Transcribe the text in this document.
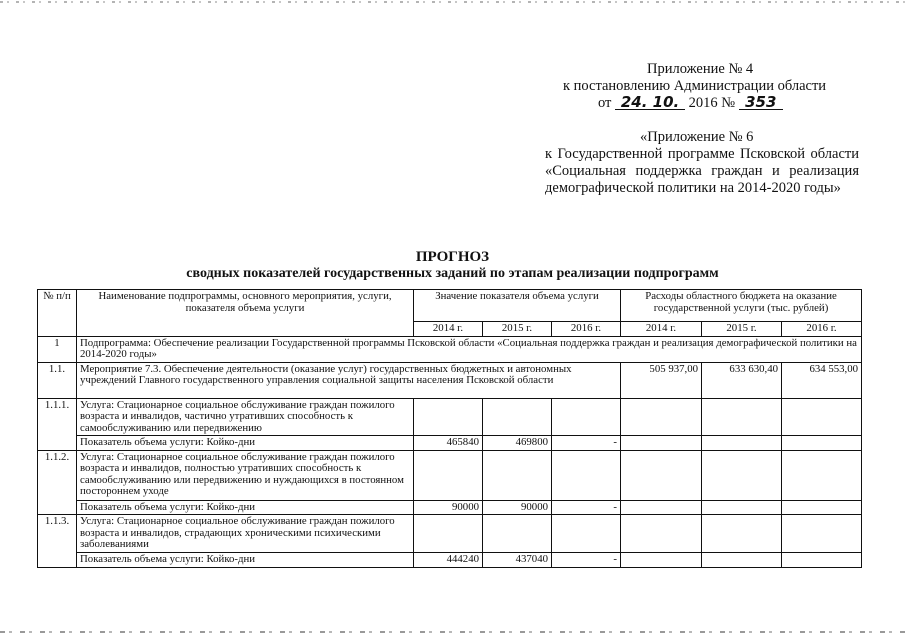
Приложение № 4
к постановлению Администрации области
от 24. 10. 2016 № 353
«Приложение № 6
к Государственной программе Псковской области «Социальная поддержка граждан и реализация демографической политики на 2014-2020 годы»
ПРОГНОЗ
сводных показателей государственных заданий по этапам реализации подпрограмм
№ п/п	Наименование подпрограммы, основного мероприятия, услуги, показателя объема услуги	Значение показателя объема услуги			Расходы областного бюджета на оказание государственной услуги (тыс. рублей)		
		2014 г.	2015 г.	2016 г.	2014 г.	2015 г.	2016 г.
1	Подпрограмма: Обеспечение реализации Государственной программы Псковской области «Социальная поддержка граждан и реализация демографической политики на 2014-2020 годы»						
1.1.	Мероприятие 7.3. Обеспечение деятельности (оказание услуг) государственных бюджетных и автономных учреждений Главного государственного управления социальной защиты населения Псковской области				505 937,00	633 630,40	634 553,00
1.1.1.	Услуга: Стационарное социальное обслуживание граждан пожилого возраста и инвалидов, частично утративших способность к самообслуживанию или передвижению						
	Показатель объема услуги: Койко-дни	465840	469800	-			
1.1.2.	Услуга: Стационарное социальное обслуживание граждан пожилого возраста и инвалидов, полностью утративших способность к самообслуживанию или передвижению и нуждающихся в постоянном постороннем уходе						
	Показатель объема услуги: Койко-дни	90000	90000	-			
1.1.3.	Услуга: Стационарное социальное обслуживание граждан пожилого возраста и инвалидов, страдающих хроническими психическими заболеваниями						
	Показатель объема услуги: Койко-дни	444240	437040	-			
